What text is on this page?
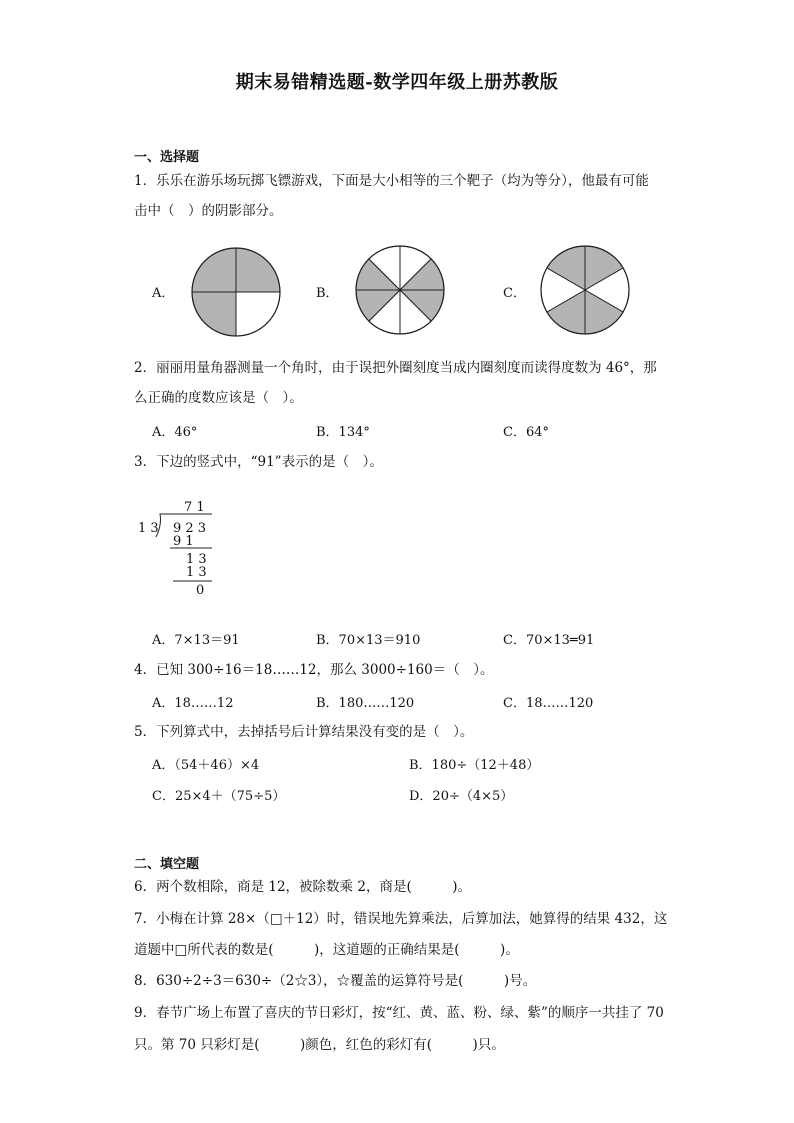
期末易错精选题-数学四年级上册苏教版
一、选择题
1．乐乐在游乐场玩掷飞镖游戏，下面是大小相等的三个靶子（均为等分），他最有可能
击中（　）的阴影部分。
A．	B．	C．
2．丽丽用量角器测量一个角时，由于误把外圈刻度当成内圈刻度而读得度数为 46°，那
么正确的度数应该是（　）。
A．46°	B．134°	C．64°
3．下边的竖式中，“91”表示的是（　）。
7 1
1 3 9 2 3
9 1
1 3
1 3
0
A．7×13＝91	B．70×13＝910	C．70×13═91
4．已知 300÷16＝18……12，那么 3000÷160＝（　）。
A．18……12	B．180……120	C．18……120
5．下列算式中，去掉括号后计算结果没有变的是（　）。
A．（54＋46）×4	B．180÷（12＋48）
C．25×4＋（75÷5）	D．20÷（4×5）
二、填空题
6．两个数相除，商是 12，被除数乘 2，商是(　　　)。
7．小梅在计算 28×（□＋12）时，错误地先算乘法，后算加法，她算得的结果 432，这
道题中□所代表的数是(　　　)，这道题的正确结果是(　　　)。
8．630÷2÷3＝630÷（2☆3），☆覆盖的运算符号是(　　　)号。
9．春节广场上布置了喜庆的节日彩灯，按“红、黄、蓝、粉、绿、紫”的顺序一共挂了 70
只。第 70 只彩灯是(　　　)颜色，红色的彩灯有(　　　)只。
